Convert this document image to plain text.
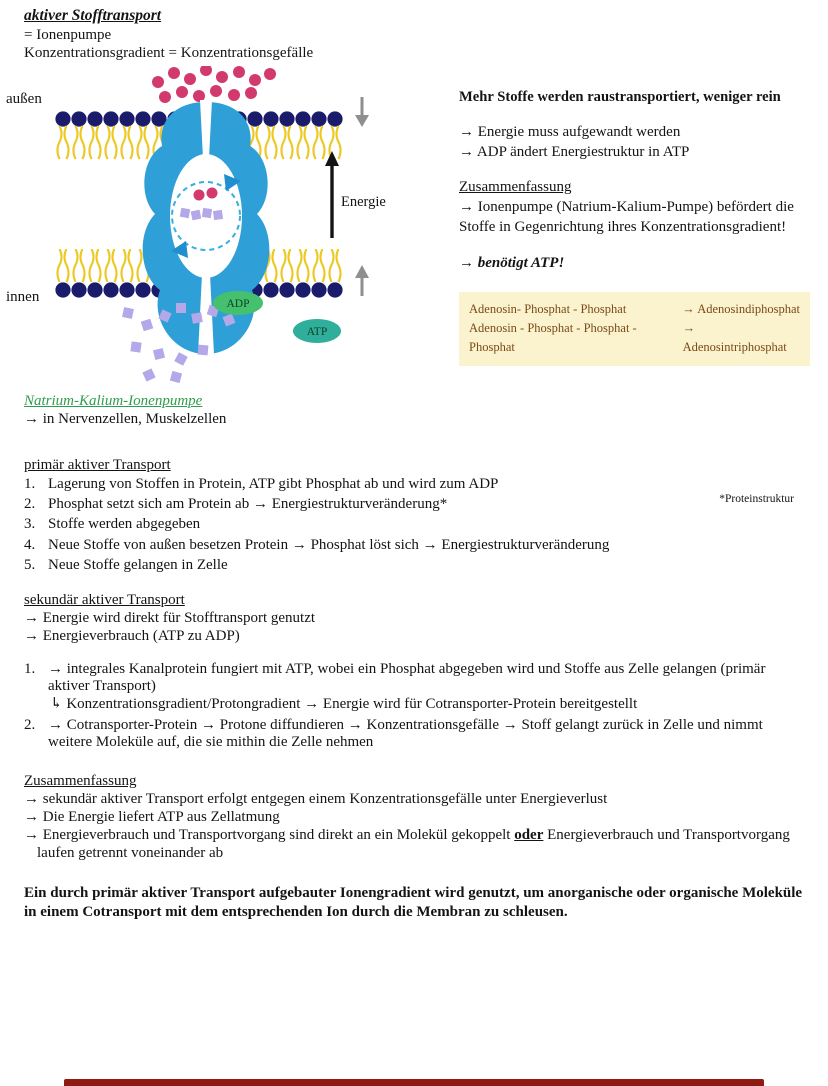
aktiver Stofftransport
= Ionenpumpe
Konzentrationsgradient = Konzentrationsgefälle
ADP
ATP
Energie
außen
innen
Mehr Stoffe werden raustransportiert, weniger rein
→ Energie muss aufgewandt werden
→ ADP ändert Energiestruktur in ATP
Zusammenfassung
→ Ionenpumpe (Natrium-Kalium-Pumpe) befördert die Stoffe in Gegenrichtung ihres Konzentrationsgradient!
→ benötigt ATP!
Adenosin- Phosphat - Phosphat	→ Adenosindiphosphat
Adenosin - Phosphat - Phosphat - Phosphat
→ Adenosintriphosphat
Natrium-Kalium-Ionenpumpe
→ in Nervenzellen, Muskelzellen
primär aktiver Transport
1. Lagerung von Stoffen in Protein, ATP gibt Phosphat ab und wird zum ADP
2. Phosphat setzt sich am Protein ab → Energiestrukturveränderung*
3. Stoffe werden abgegeben
4. Neue Stoffe von außen besetzen Protein → Phosphat löst sich → Energiestrukturveränderung
5. Neue Stoffe gelangen in Zelle
*Proteinstruktur
sekundär aktiver Transport
→ Energie wird direkt für Stofftransport genutzt
→ Energieverbrauch (ATP zu ADP)
1. → integrales Kanalprotein fungiert mit ATP, wobei ein Phosphat abgegeben wird und Stoffe aus Zelle gelangen (primär aktiver Transport)
↳ Konzentrationsgradient/Protongradient → Energie wird für Cotransporter-Protein bereitgestellt
2. → Cotransporter-Protein → Protone diffundieren → Konzentrationsgefälle → Stoff gelangt zurück in Zelle und nimmt weitere Moleküle auf, die sie mithin die Zelle nehmen
Zusammenfassung
→ sekundär aktiver Transport erfolgt entgegen einem Konzentrationsgefälle unter Energieverlust
→ Die Energie liefert ATP aus Zellatmung
→ Energieverbrauch und Transportvorgang sind direkt an ein Molekül gekoppelt oder Energieverbrauch und Transportvorgang laufen getrennt voneinander ab

Ein durch primär aktiver Transport aufgebauter Ionengradient wird genutzt, um anorganische oder organische Moleküle in einem Cotransport mit dem entsprechenden Ion durch die Membran zu schleusen.
